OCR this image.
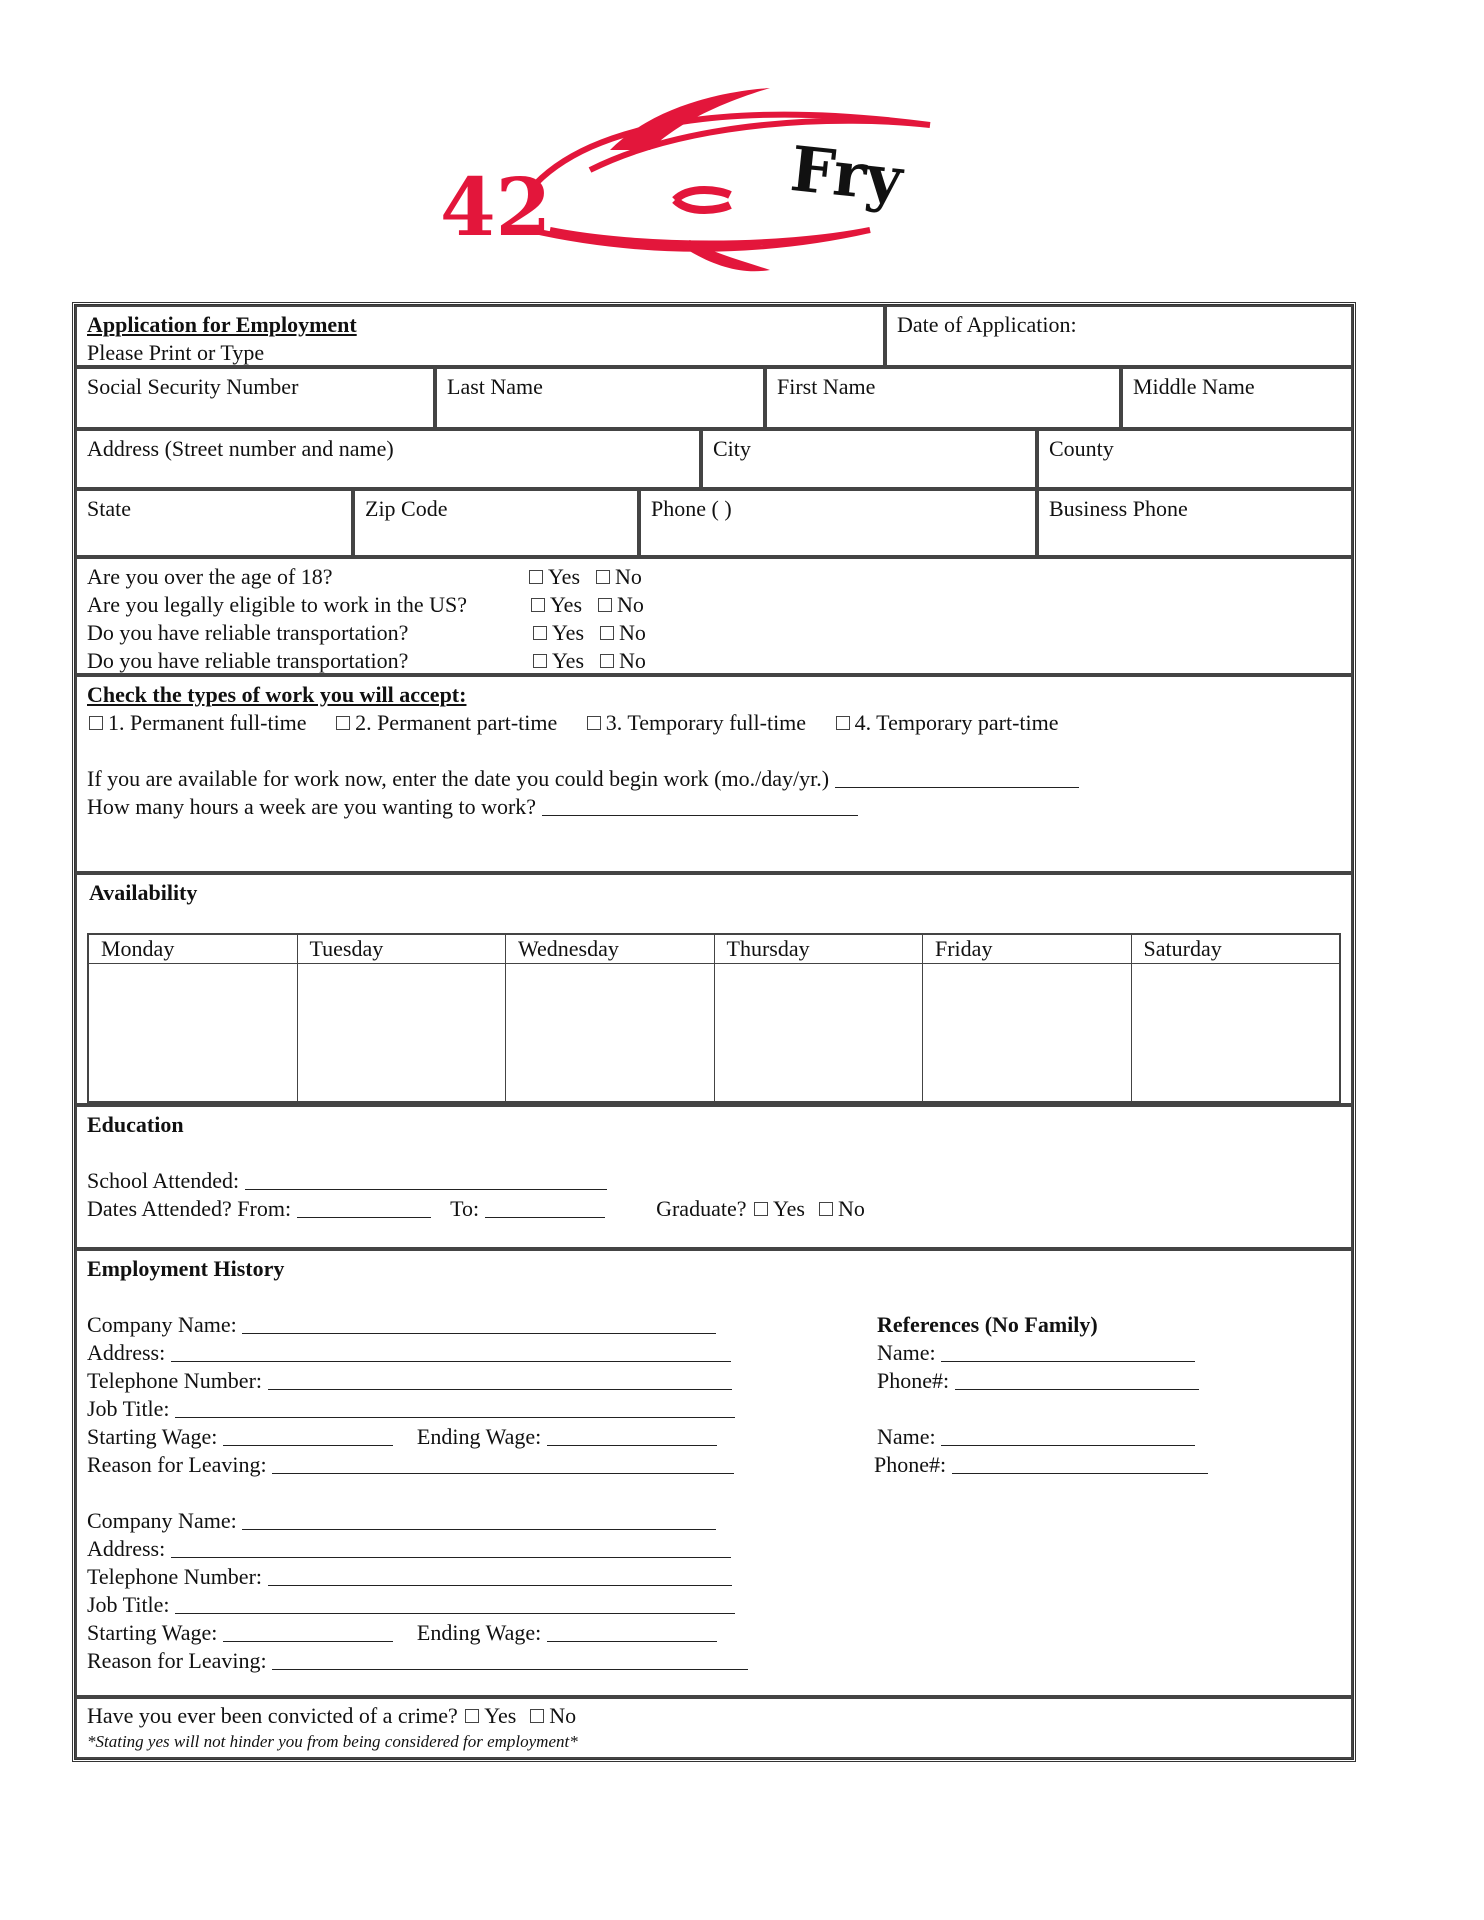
42	Fry
Application for Employment
Please Print or Type
Date of Application:
Social Security Number	Last Name	First Name	Middle Name
Address (Street number and name)	City	County
State	Zip Code	Phone ( )	Business Phone
Are you over the age of 18?	Yes No
Are you legally eligible to work in the US?	Yes No
Do you have reliable transportation?	Yes No
Do you have reliable transportation?	Yes No
Check the types of work you will accept:
1. Permanent full-time 2. Permanent part-time 3. Temporary full-time 4. Temporary part-time
If you are available for work now, enter the date you could begin work (mo./day/yr.)
How many hours a week are you wanting to work?
Availability
Monday	Tuesday	Wednesday	Thursday	Friday	Saturday
Education
School Attended:
Dates Attended? From:	To:	Graduate? Yes No
Employment History
Company Name:
Address:
Telephone Number:
Job Title:
Starting Wage:	Ending Wage:
Reason for Leaving:
Company Name:
Address:
Telephone Number:
Job Title:
Starting Wage:	Ending Wage:
Reason for Leaving:
References (No Family)
Name:
Phone#:
Name:
Phone#:
Have you ever been convicted of a crime? Yes No
*Stating yes will not hinder you from being considered for employment*
